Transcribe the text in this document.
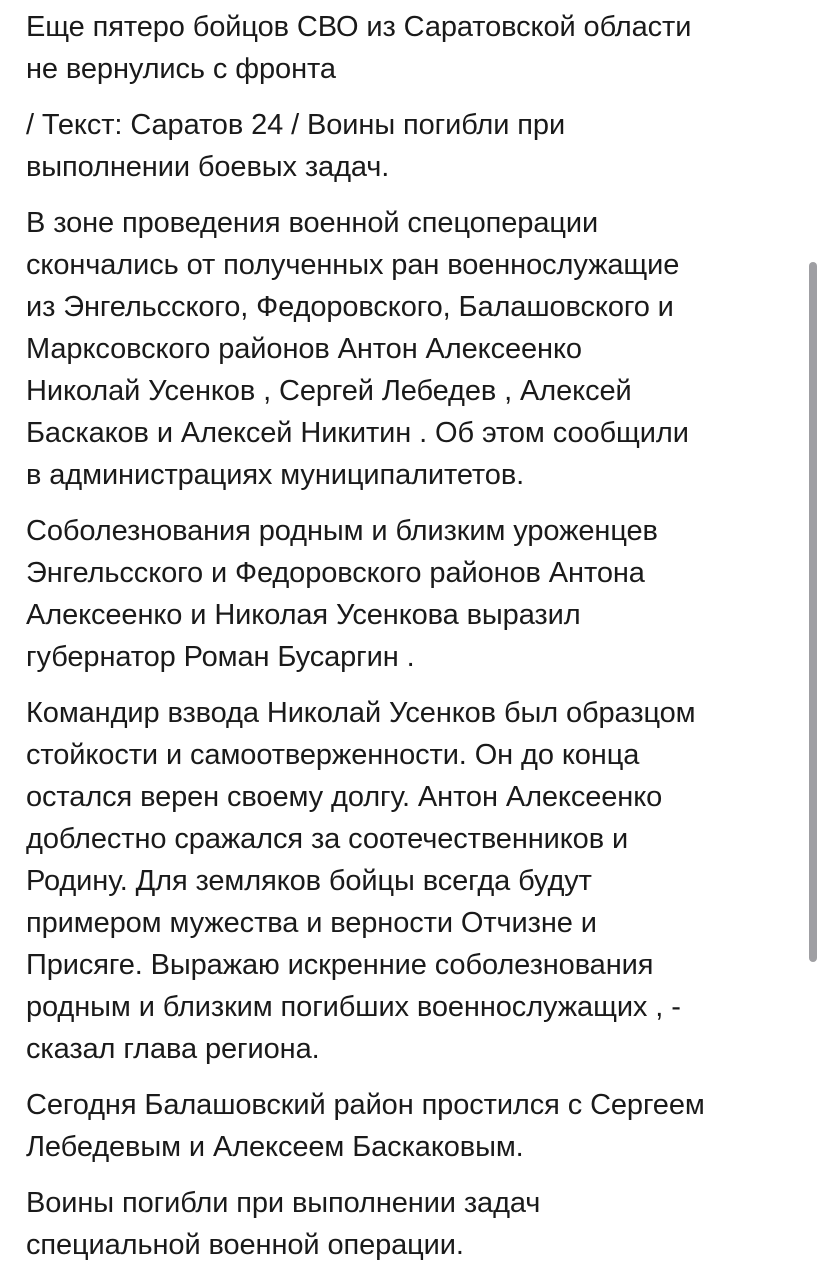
Еще пятеро бойцов СВО из Саратовской области
не вернулись с фронта

/ Текст: Саратов 24 / Воины погибли при
выполнении боевых задач.

В зоне проведения военной спецоперации
скончались от полученных ран военнослужащие
из Энгельсского, Федоровского, Балашовского и
Марксовского районов Антон Алексеенко
Николай Усенков , Сергей Лебедев , Алексей
Баскаков и Алексей Никитин . Об этом сообщили
в администрациях муниципалитетов.

Соболезнования родным и близким уроженцев
Энгельсского и Федоровского районов Антона
Алексеенко и Николая Усенкова выразил
губернатор Роман Бусаргин .

Командир взвода Николай Усенков был образцом
стойкости и самоотверженности. Он до конца
остался верен своему долгу. Антон Алексеенко
доблестно сражался за соотечественников и
Родину. Для земляков бойцы всегда будут
примером мужества и верности Отчизне и
Присяге. Выражаю искренние соболезнования
родным и близким погибших военнослужащих , -
сказал глава региона.

Сегодня Балашовский район простился с Сергеем
Лебедевым и Алексеем Баскаковым.

Воины погибли при выполнении задач
специальной военной операции.
